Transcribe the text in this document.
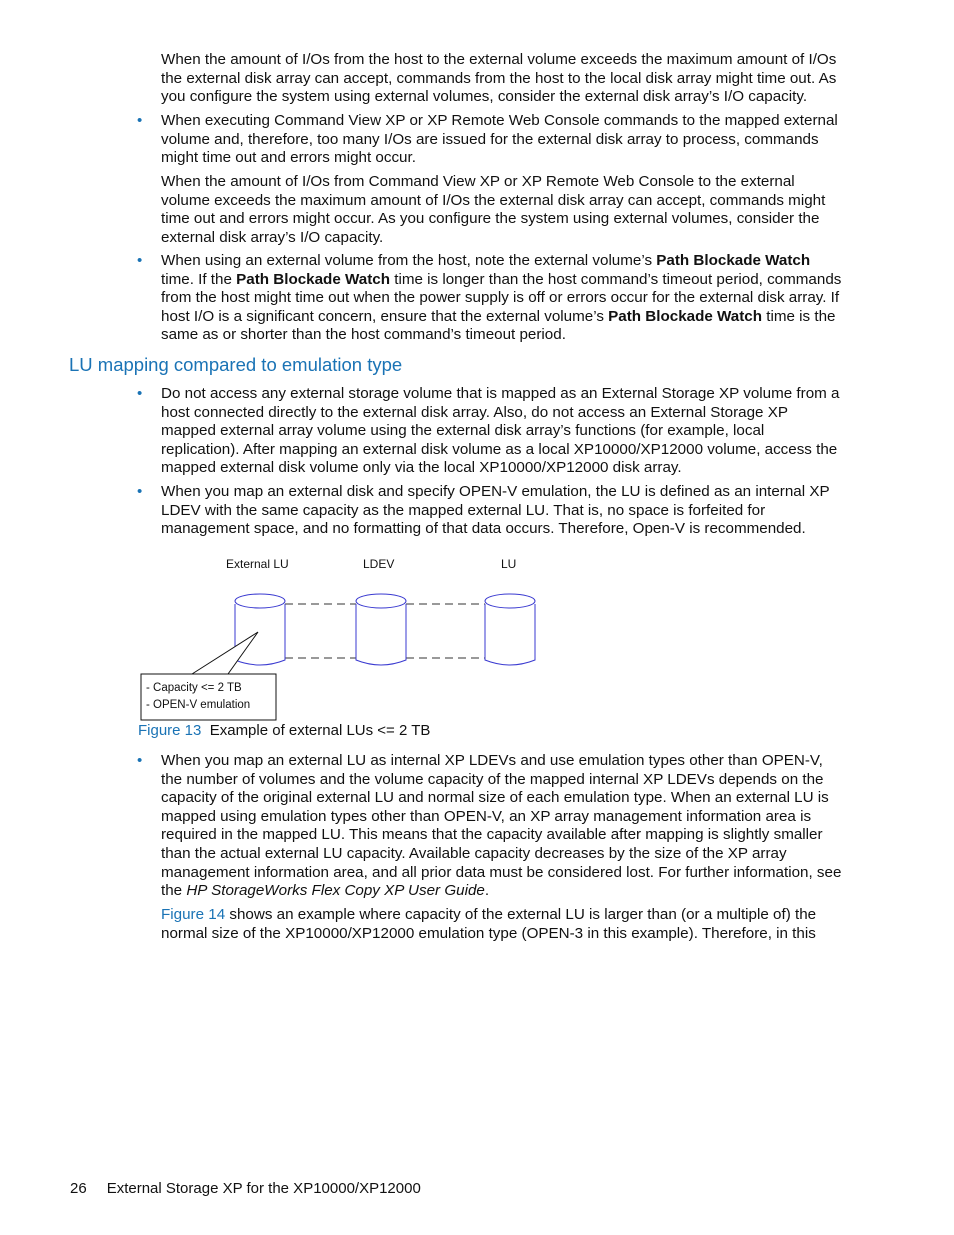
When the amount of I/Os from the host to the external volume exceeds the maximum amount of I/Os the external disk array can accept, commands from the host to the local disk array might time out. As you configure the system using external volumes, consider the external disk array’s I/O capacity.

•

When executing Command View XP or XP Remote Web Console commands to the mapped external volume and, therefore, too many I/Os are issued for the external disk array to process, commands might time out and errors might occur.

When the amount of I/Os from Command View XP or XP Remote Web Console to the external volume exceeds the maximum amount of I/Os the external disk array can accept, commands might time out and errors might occur. As you configure the system using external volumes, consider the external disk array’s I/O capacity.

•

When using an external volume from the host, note the external volume’s Path Blockade Watch time. If the Path Blockade Watch time is longer than the host command’s timeout period, commands from the host might time out when the power supply is off or errors occur for the external disk array. If host I/O is a significant concern, ensure that the external volume’s Path Blockade Watch time is the same as or shorter than the host command’s timeout period.

LU mapping compared to emulation type
•

Do not access any external storage volume that is mapped as an External Storage XP volume from a host connected directly to the external disk array. Also, do not access an External Storage XP mapped external array volume using the external disk array’s functions (for example, local replication). After mapping an external disk volume as a local XP10000/XP12000 volume, access the mapped external disk volume only via the local XP10000/XP12000 disk array.

•

When you map an external disk and specify OPEN-V emulation, the LU is defined as an internal XP LDEV with the same capacity as the mapped external LU. That is, no space is forfeited for management space, and no formatting of that data occurs. Therefore, Open-V is recommended.

External LU	LDEV	LU
- Capacity <= 2 TB
- OPEN-V emulation
Figure 13 Example of external LUs <= 2 TB
•

When you map an external LU as internal XP LDEVs and use emulation types other than OPEN-V, the number of volumes and the volume capacity of the mapped internal XP LDEVs depends on the capacity of the original external LU and normal size of each emulation type. When an external LU is mapped using emulation types other than OPEN-V, an XP array management information area is required in the mapped LU. This means that the capacity available after mapping is slightly smaller than the actual external LU capacity. Available capacity decreases by the size of the XP array management information area, and all prior data must be considered lost. For further information, see the HP StorageWorks Flex Copy XP User Guide.

Figure 14 shows an example where capacity of the external LU is larger than (or a multiple of) the normal size of the XP10000/XP12000 emulation type (OPEN-3 in this example). Therefore, in this

26 External Storage XP for the XP10000/XP12000
